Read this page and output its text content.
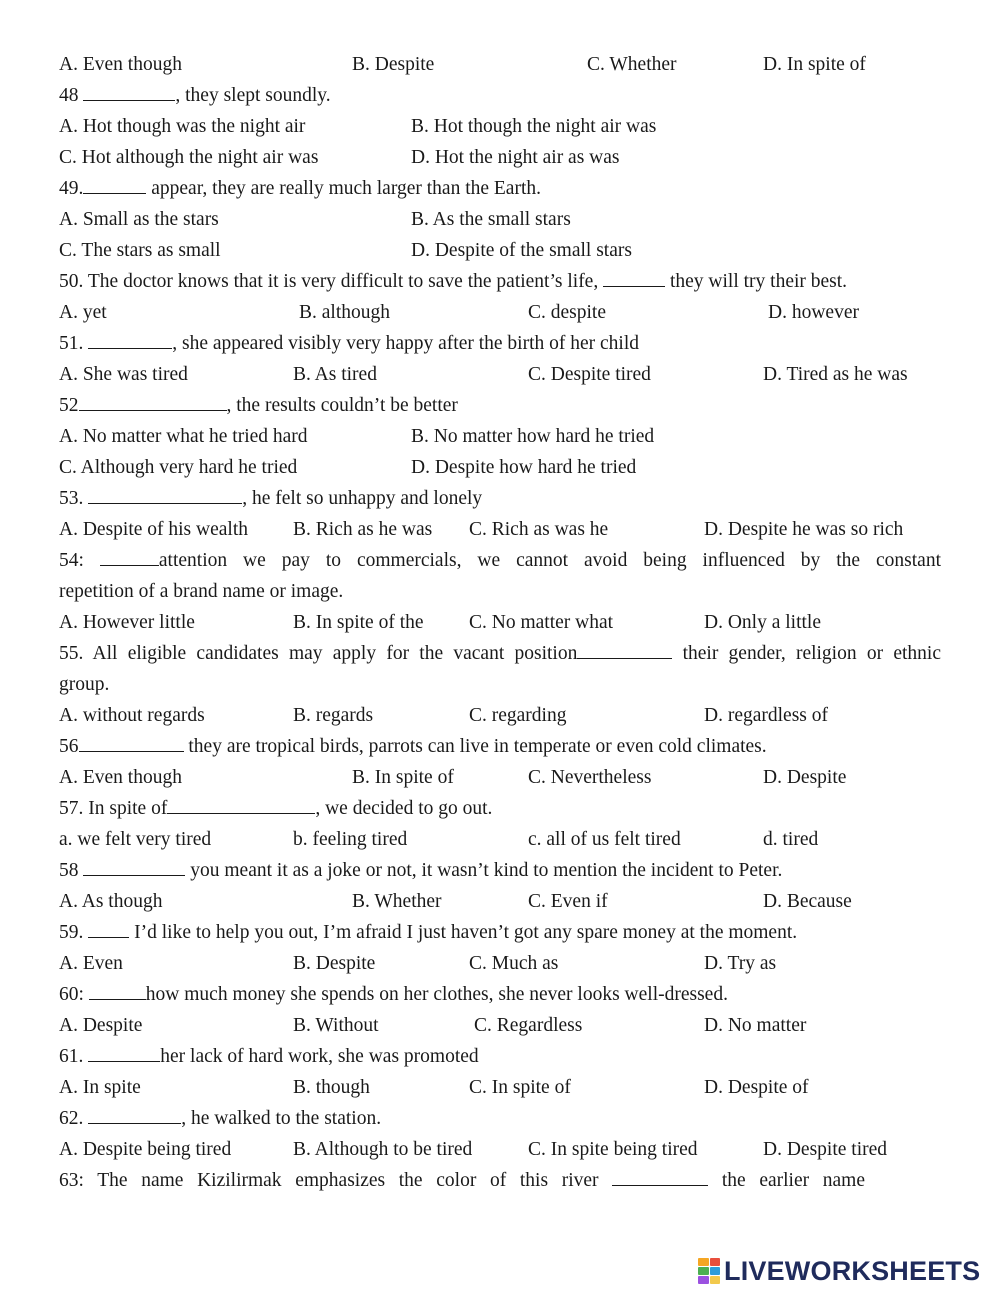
A. Even though	B. Despite	C. Whether	D. In spite of
48	, they slept soundly.
A. Hot though was the night air	B. Hot though the night air was
C. Hot although the night air was	D. Hot the night air as was
49.	appear, they are really much larger than the Earth.
A. Small as the stars	B. As the small stars
C. The stars as small	D. Despite of the small stars
50. The doctor knows that it is very difficult to save the patient’s life,	they will try their best.
A. yet	B. although	C. despite	D. however
51.	, she appeared visibly very happy after the birth of her child
A. She was tired	B. As tired	C. Despite tired	D. Tired as he was
52	, the results couldn’t be better
A. No matter what he tried hard	B. No matter how hard he tried
C. Although very hard he tried	D. Despite how hard he tried
53.	, he felt so unhappy and lonely
A. Despite of his wealth B. Rich as he was C. Rich as was he	D. Despite he was so rich
54:	attention we pay to commercials, we cannot avoid being influenced by the constant
repetition of a brand name or image.
A. However little	B. In spite of the C. No matter what	D. Only a little
55. All eligible candidates may apply for the vacant position	their gender, religion or ethnic
group.
A. without regards	B. regards	C. regarding	D. regardless of
56	they are tropical birds, parrots can live in temperate or even cold climates.
A. Even though	B. In spite of	C. Nevertheless	D. Despite
57. In spite of	, we decided to go out.
a. we felt very tired	b. feeling tired	c. all of us felt tired	d. tired
58	you meant it as a joke or not, it wasn’t kind to mention the incident to Peter.
A. As though	B. Whether	C. Even if	D. Because
59.  I’d like to help you out, I’m afraid I just haven’t got any spare money at the moment.
A. Even	B. Despite	C. Much as	D. Try as
60:	how much money she spends on her clothes, she never looks well-dressed.
A. Despite	B. Without	C. Regardless	D. No matter
61.	her lack of hard work, she was promoted
A. In spite	B. though	C. In spite of	D. Despite of
62.	, he walked to the station.
A. Despite being tired	B. Although to be tired	C. In spite being tired	D. Despite tired
63: The name Kizilirmak emphasizes the color of this river	the earlier name
LIVEWORKSHEETS
